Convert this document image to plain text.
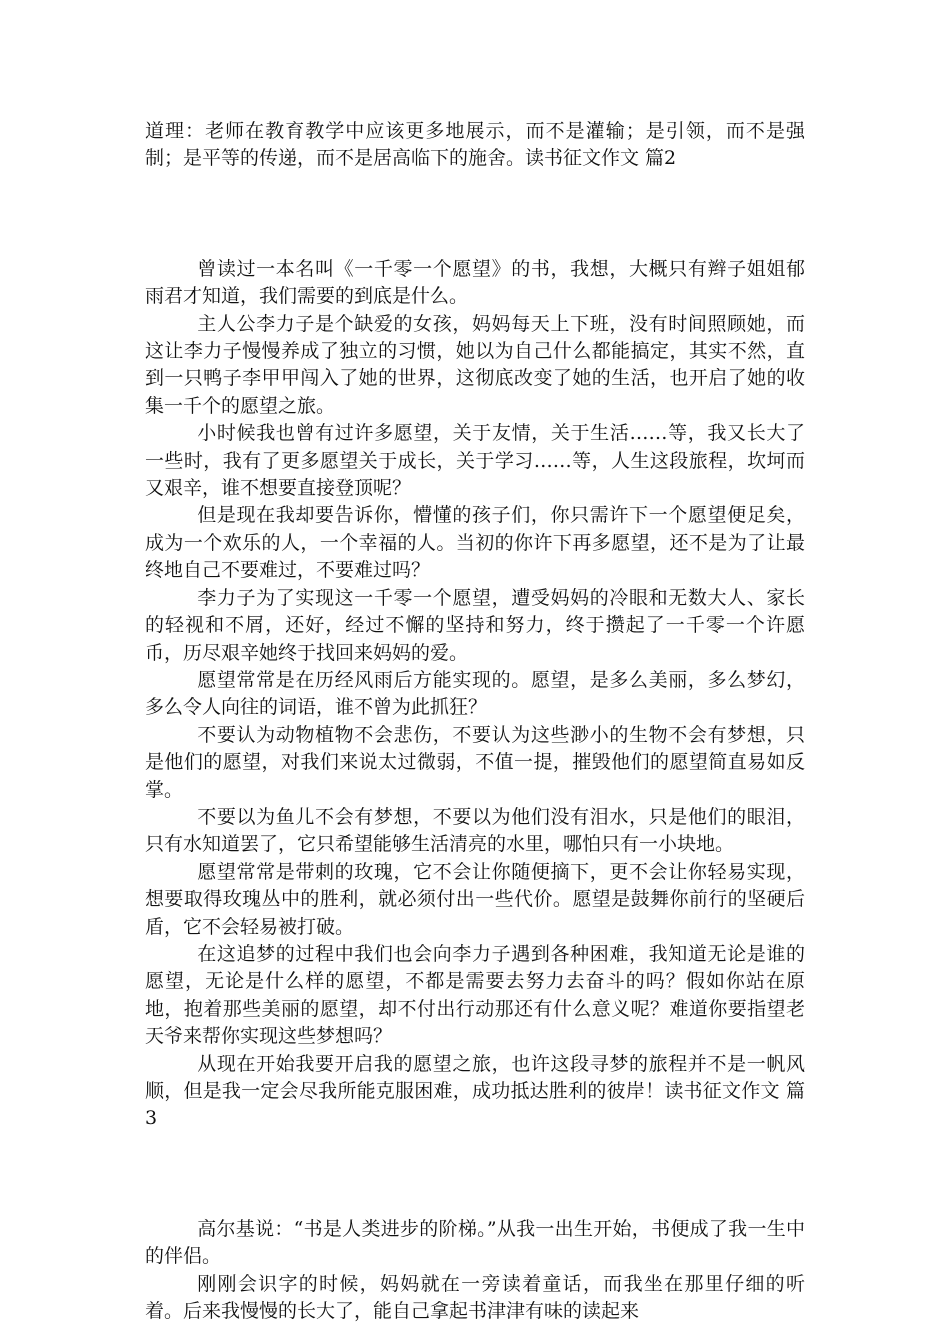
道理：老师在教育教学中应该更多地展示，而不是灌输；是引领，而不是强制；是平等的传递，而不是居高临下的施舍。读书征文作文 篇2

曾读过一本名叫《一千零一个愿望》的书，我想，大概只有辫子姐姐郁雨君才知道，我们需要的到底是什么。

主人公李力子是个缺爱的女孩，妈妈每天上下班，没有时间照顾她，而这让李力子慢慢养成了独立的习惯，她以为自己什么都能搞定，其实不然，直到一只鸭子李甲甲闯入了她的世界，这彻底改变了她的生活，也开启了她的收集一千个的愿望之旅。

小时候我也曾有过许多愿望，关于友情，关于生活……等，我又长大了一些时，我有了更多愿望关于成长，关于学习……等，人生这段旅程，坎坷而又艰辛，谁不想要直接登顶呢？

但是现在我却要告诉你，懵懂的孩子们，你只需许下一个愿望便足矣，成为一个欢乐的人，一个幸福的人。当初的你许下再多愿望，还不是为了让最终地自己不要难过，不要难过吗？

李力子为了实现这一千零一个愿望，遭受妈妈的冷眼和无数大人、家长的轻视和不屑，还好，经过不懈的坚持和努力，终于攒起了一千零一个许愿币，历尽艰辛她终于找回来妈妈的爱。

愿望常常是在历经风雨后方能实现的。愿望，是多么美丽，多么梦幻，多么令人向往的词语，谁不曾为此抓狂？

不要认为动物植物不会悲伤，不要认为这些渺小的生物不会有梦想，只是他们的愿望，对我们来说太过微弱，不值一提，摧毁他们的愿望简直易如反掌。

不要以为鱼儿不会有梦想，不要以为他们没有泪水，只是他们的眼泪，只有水知道罢了，它只希望能够生活清亮的水里，哪怕只有一小块地。

愿望常常是带刺的玫瑰，它不会让你随便摘下，更不会让你轻易实现，想要取得玫瑰丛中的胜利，就必须付出一些代价。愿望是鼓舞你前行的坚硬后盾，它不会轻易被打破。

在这追梦的过程中我们也会向李力子遇到各种困难，我知道无论是谁的愿望，无论是什么样的愿望，不都是需要去努力去奋斗的吗？假如你站在原地，抱着那些美丽的愿望，却不付出行动那还有什么意义呢？难道你要指望老天爷来帮你实现这些梦想吗？

从现在开始我要开启我的愿望之旅，也许这段寻梦的旅程并不是一帆风顺，但是我一定会尽我所能克服困难，成功抵达胜利的彼岸！读书征文作文 篇3

高尔基说：“书是人类进步的阶梯。”从我一出生开始，书便成了我一生中的伴侣。

刚刚会识字的时候，妈妈就在一旁读着童话，而我坐在那里仔细的听着。后来我慢慢的长大了，能自己拿起书津津有味的读起来
